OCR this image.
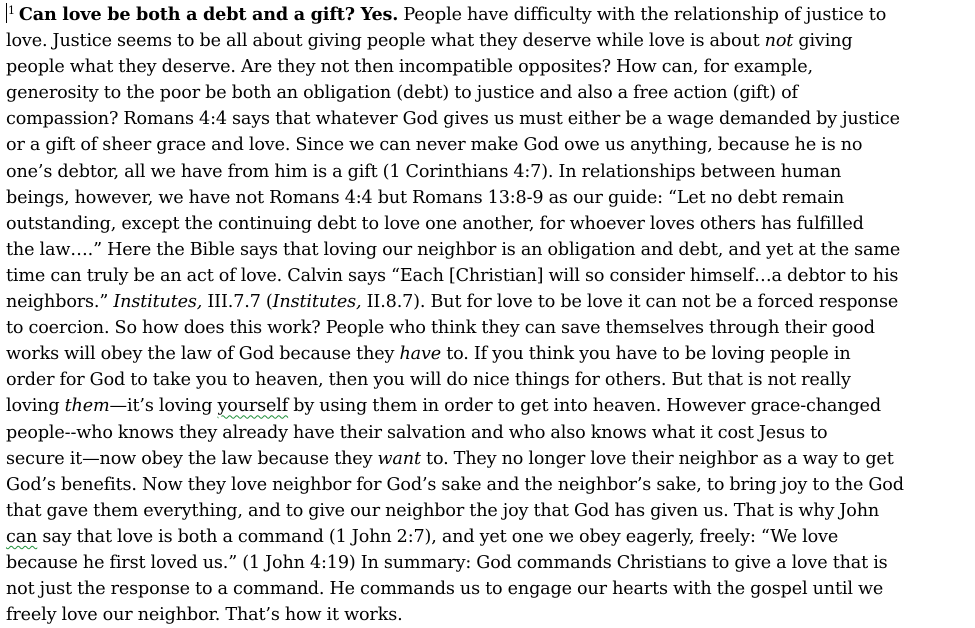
$^1$ Can love be both a debt and a gift? Yes. People have difficulty with the relationship of justice to
love. Justice seems to be all about giving people what they deserve while love is about not giving
people what they deserve. Are they not then incompatible opposites? How can, for example,
generosity to the poor be both an obligation (debt) to justice and also a free action (gift) of
compassion? Romans 4:4 says that whatever God gives us must either be a wage demanded by justice
or a gift of sheer grace and love. Since we can never make God owe us anything, because he is no
one’s debtor, all we have from him is a gift (1 Corinthians 4:7). In relationships between human
beings, however, we have not Romans 4:4 but Romans 13:8-9 as our guide: “Let no debt remain
outstanding, except the continuing debt to love one another, for whoever loves others has fulfilled
the law….” Here the Bible says that loving our neighbor is an obligation and debt, and yet at the same
time can truly be an act of love. Calvin says “Each [Christian] will so consider himself…a debtor to his
neighbors.” Institutes, III.7.7 (Institutes, II.8.7). But for love to be love it can not be a forced response
to coercion. So how does this work? People who think they can save themselves through their good
works will obey the law of God because they have to. If you think you have to be loving people in
order for God to take you to heaven, then you will do nice things for others. But that is not really
loving them—it’s loving yourself by using them in order to get into heaven. However grace-changed
people--who knows they already have their salvation and who also knows what it cost Jesus to
secure it—now obey the law because they want to. They no longer love their neighbor as a way to get
God’s benefits. Now they love neighbor for God’s sake and the neighbor’s sake, to bring joy to the God
that gave them everything, and to give our neighbor the joy that God has given us. That is why John
can say that love is both a command (1 John 2:7), and yet one we obey eagerly, freely: “We love
because he first loved us.” (1 John 4:19) In summary: God commands Christians to give a love that is
not just the response to a command. He commands us to engage our hearts with the gospel until we
freely love our neighbor. That’s how it works.
